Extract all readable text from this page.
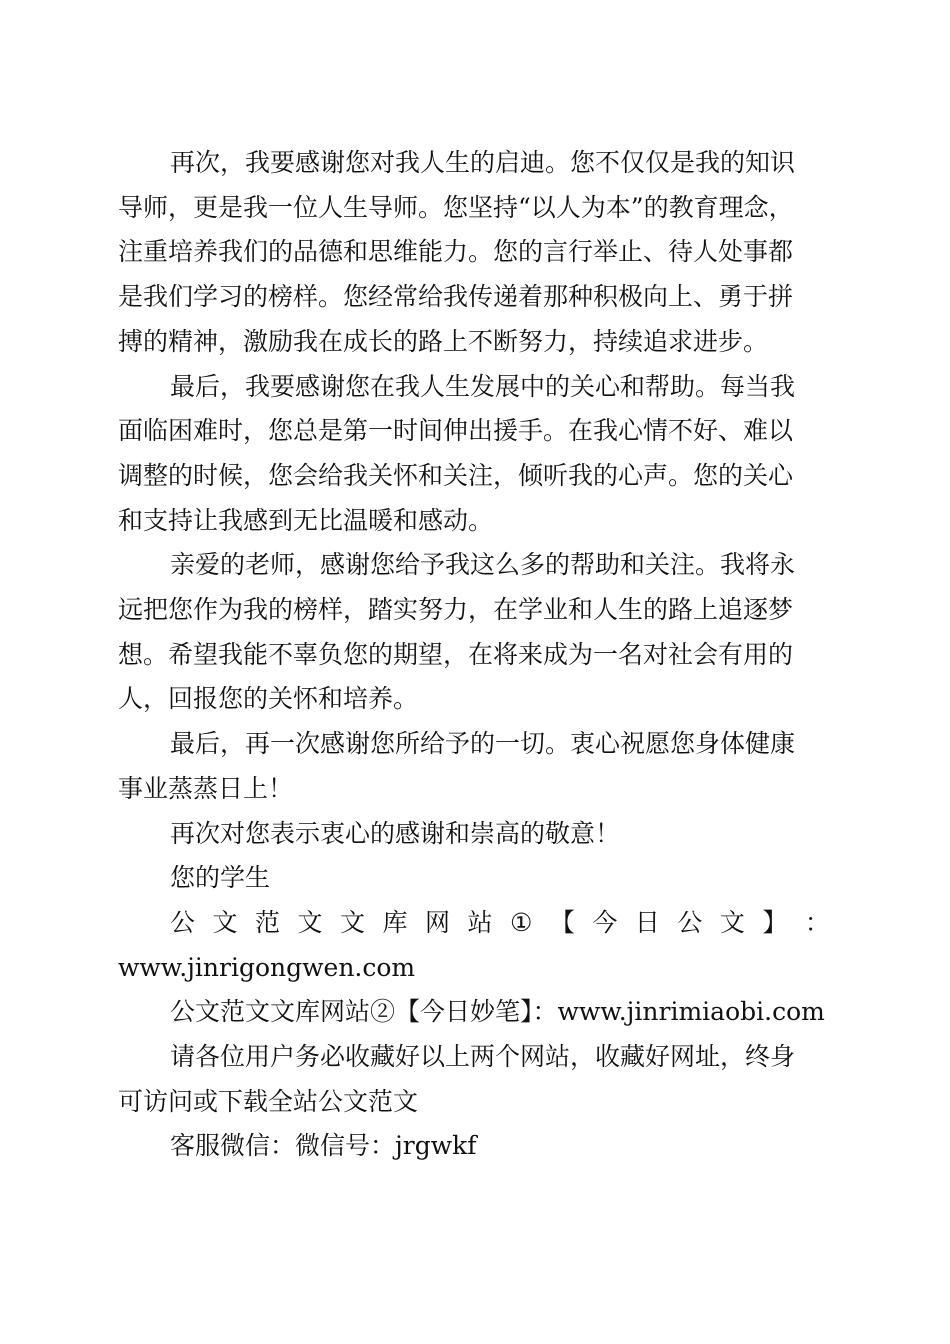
再次，我要感谢您对我人生的启迪。您不仅仅是我的知识
导师，更是我一位人生导师。您坚持“以人为本”的教育理念，
注重培养我们的品德和思维能力。您的言行举止、待人处事都
是我们学习的榜样。您经常给我传递着那种积极向上、勇于拼
搏的精神，激励我在成长的路上不断努力，持续追求进步。
最后，我要感谢您在我人生发展中的关心和帮助。每当我
面临困难时，您总是第一时间伸出援手。在我心情不好、难以
调整的时候，您会给我关怀和关注，倾听我的心声。您的关心
和支持让我感到无比温暖和感动。
亲爱的老师，感谢您给予我这么多的帮助和关注。我将永
远把您作为我的榜样，踏实努力，在学业和人生的路上追逐梦
想。希望我能不辜负您的期望，在将来成为一名对社会有用的
人，回报您的关怀和培养。
最后，再一次感谢您所给予的一切。衷心祝愿您身体健康
事业蒸蒸日上！
再次对您表示衷心的感谢和崇高的敬意！
您的学生
公 文 范 文 文 库 网 站 ① 【 今 日 公 文 】 ：
www.jinrigongwen.com
公文范文文库网站②【今日妙笔】：www.jinrimiaobi.com
请各位用户务必收藏好以上两个网站，收藏好网址，终身
可访问或下载全站公文范文
客服微信：微信号：jrgwkf
